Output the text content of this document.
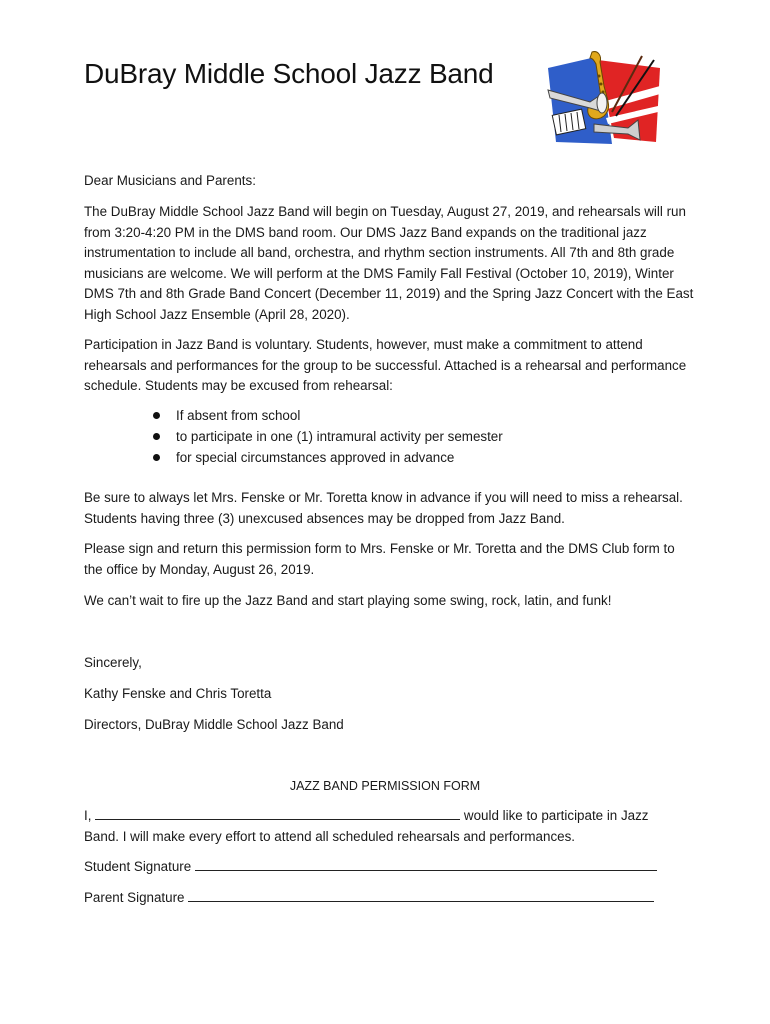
DuBray Middle School Jazz Band

Dear Musicians and Parents:

The DuBray Middle School Jazz Band will begin on Tuesday, August 27, 2019, and rehearsals will run from 3:20-4:20 PM in the DMS band room. Our DMS Jazz Band expands on the traditional jazz instrumentation to include all band, orchestra, and rhythm section instruments. All 7th and 8th grade musicians are welcome. We will perform at the DMS Family Fall Festival (October 10, 2019), Winter DMS 7th and 8th Grade Band Concert (December 11, 2019) and the Spring Jazz Concert with the East High School Jazz Ensemble (April 28, 2020).

Participation in Jazz Band is voluntary. Students, however, must make a commitment to attend rehearsals and performances for the group to be successful. Attached is a rehearsal and performance schedule. Students may be excused from rehearsal:

If absent from school
to participate in one (1) intramural activity per semester
for special circumstances approved in advance

Be sure to always let Mrs. Fenske or Mr. Toretta know in advance if you will need to miss a rehearsal. Students having three (3) unexcused absences may be dropped from Jazz Band.

Please sign and return this permission form to Mrs. Fenske or Mr. Toretta and the DMS Club form to the office by Monday, August 26, 2019.

We can’t wait to fire up the Jazz Band and start playing some swing, rock, latin, and funk!

Sincerely,

Kathy Fenske and Chris Toretta

Directors, DuBray Middle School Jazz Band

JAZZ BAND PERMISSION FORM
I,	would like to participate in Jazz

Band. I will make every effort to attend all scheduled rehearsals and performances.

Student Signature
Parent Signature
